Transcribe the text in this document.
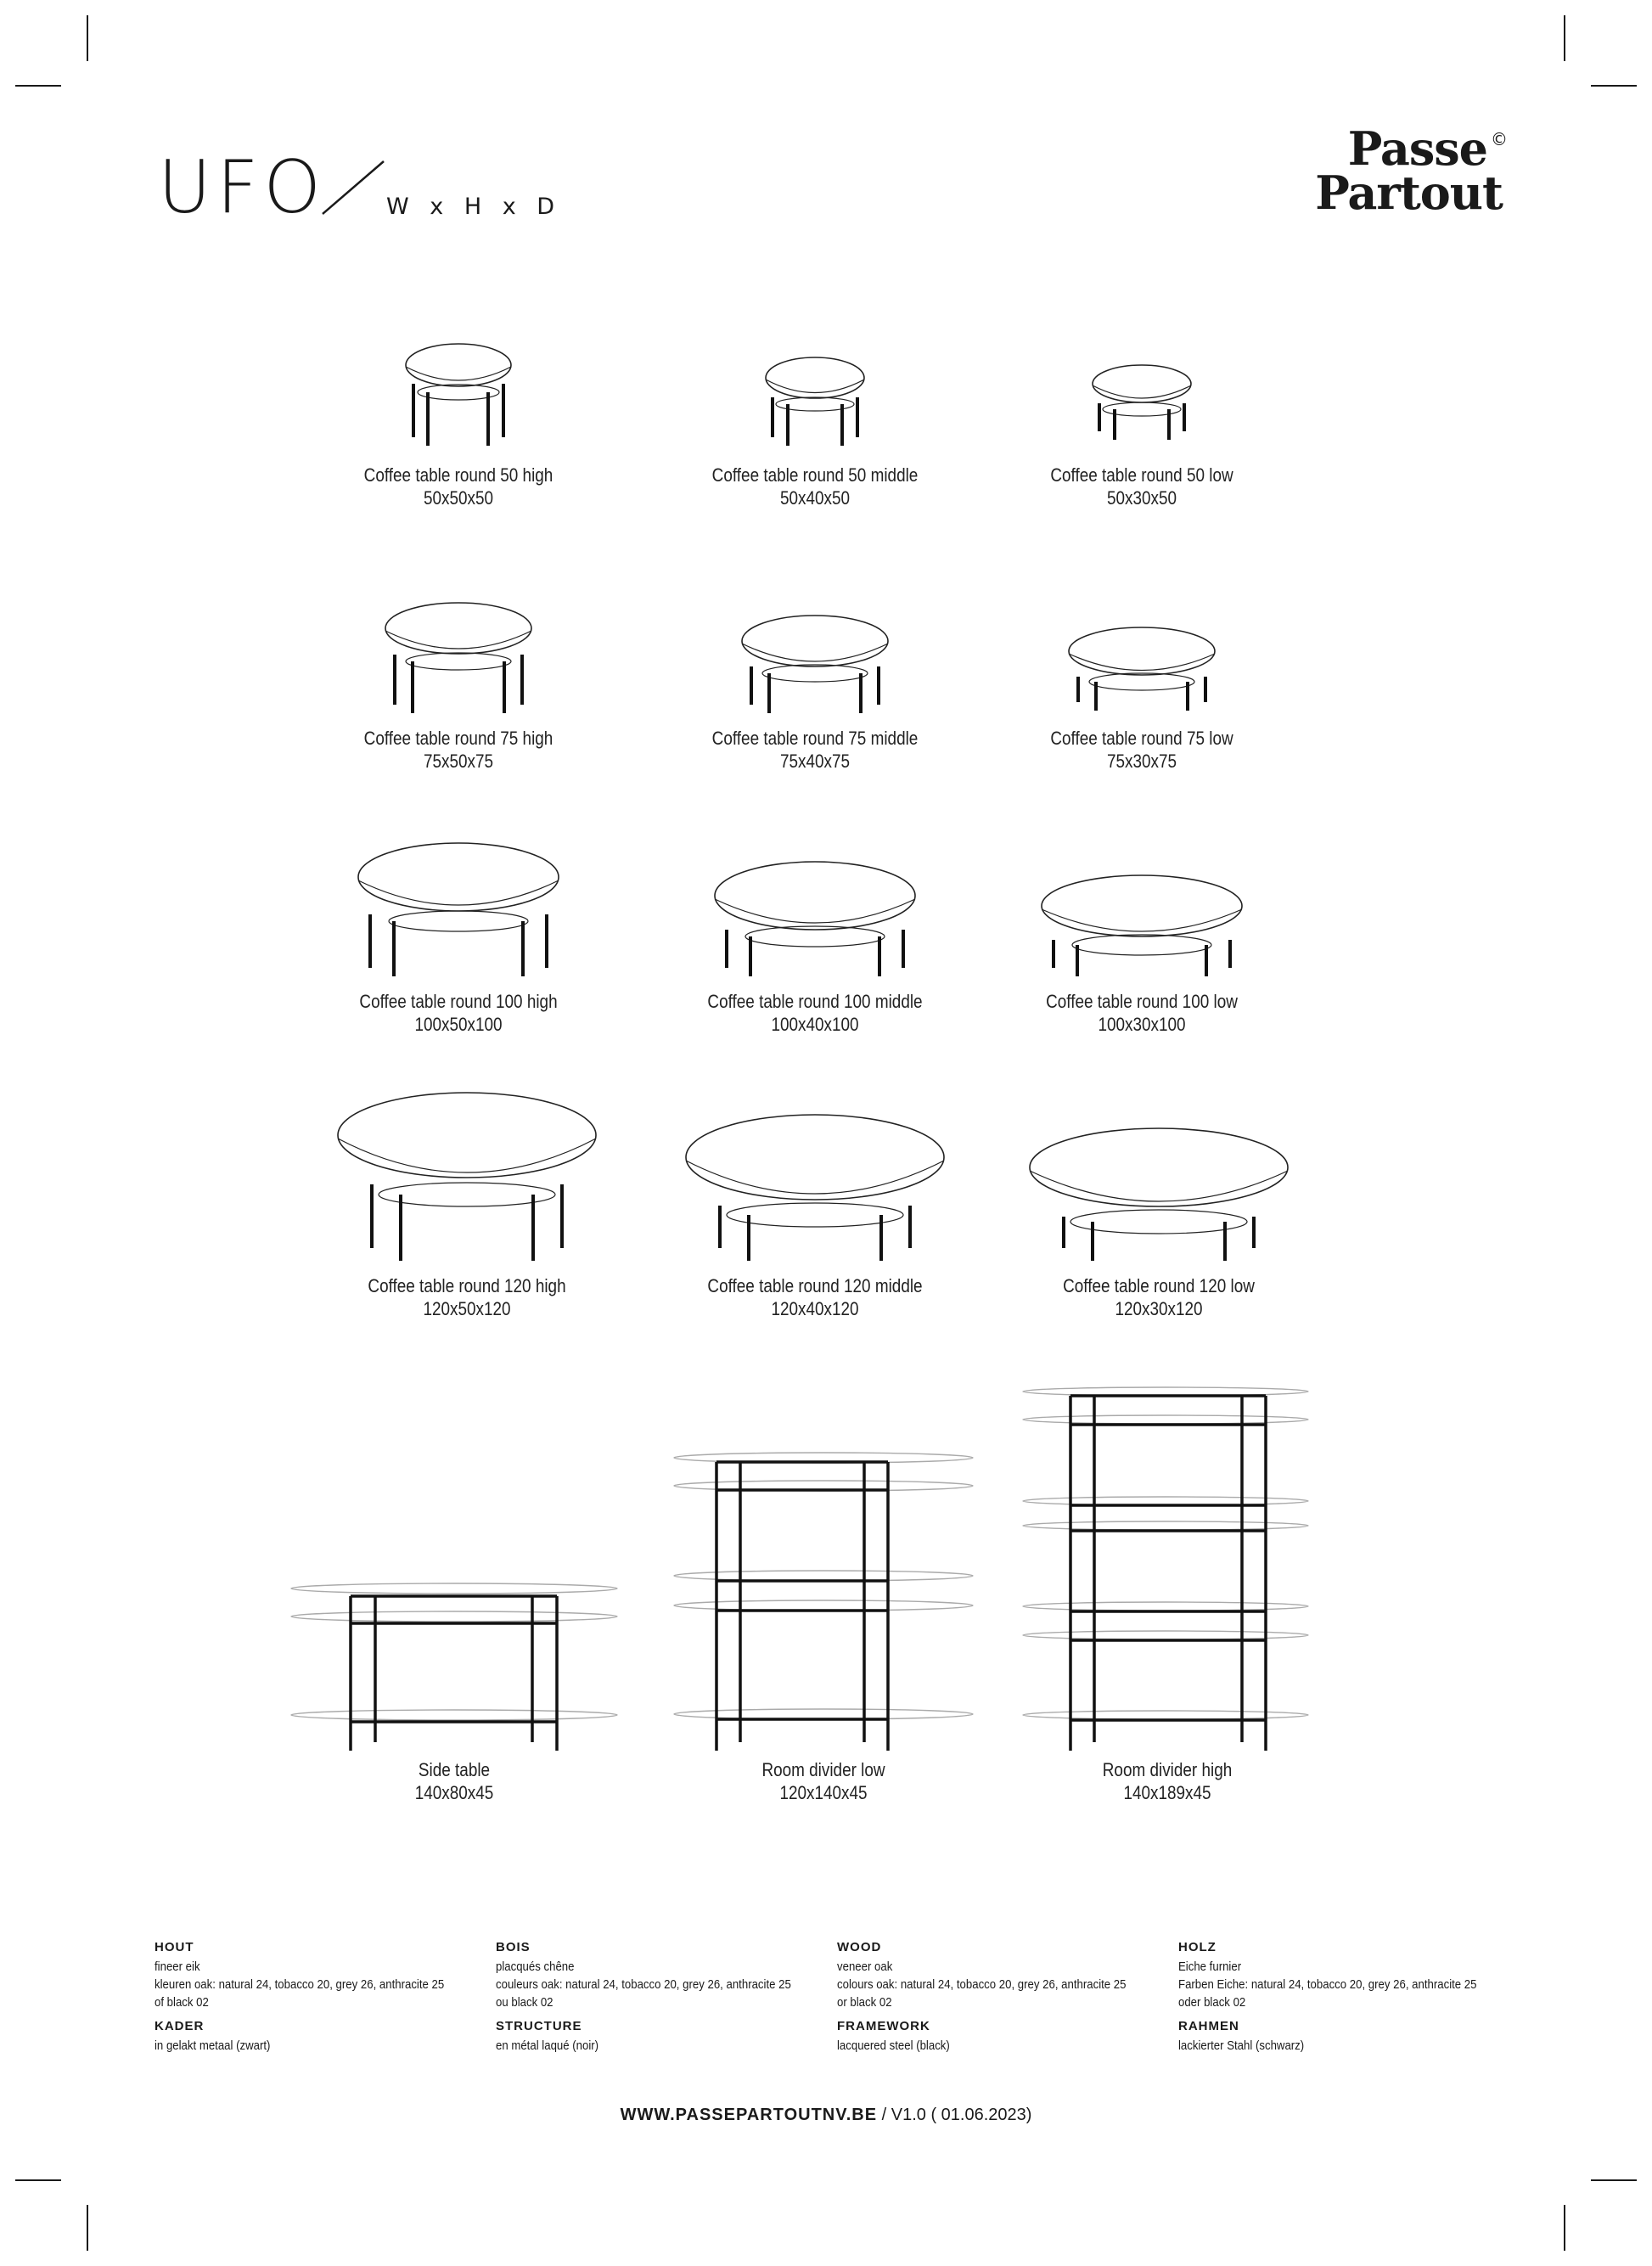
UFO	W x H x D
Passe
Partout
©
Coffee table round 50 high
50x50x50
Coffee table round 50 middle
50x40x50
Coffee table round 50 low
50x30x50
Coffee table round 75 high
75x50x75
Coffee table round 75 middle
75x40x75
Coffee table round 75 low
75x30x75
Coffee table round 100 high
100x50x100
Coffee table round 100 middle
100x40x100
Coffee table round 100 low
100x30x100
Coffee table round 120 high
120x50x120
Coffee table round 120 middle
120x40x120
Coffee table round 120 low
120x30x120
Side table
140x80x45
Room divider low
120x140x45
Room divider high
140x189x45
HOUT
fineer eik
kleuren oak: natural 24, tobacco 20, grey 26, anthracite 25
of black 02
KADER
in gelakt metaal (zwart)
BOIS
placqués chêne
couleurs oak: natural 24, tobacco 20, grey 26, anthracite 25
ou black 02
STRUCTURE
en métal laqué (noir)
WOOD
veneer oak
colours oak: natural 24, tobacco 20, grey 26, anthracite 25
or black 02
FRAMEWORK
lacquered steel (black)
HOLZ
Eiche furnier
Farben Eiche: natural 24, tobacco 20, grey 26, anthracite 25
oder black 02
RAHMEN
lackierter Stahl (schwarz)
WWW.PASSEPARTOUTNV.BE / V1.0 ( 01.06.2023)
